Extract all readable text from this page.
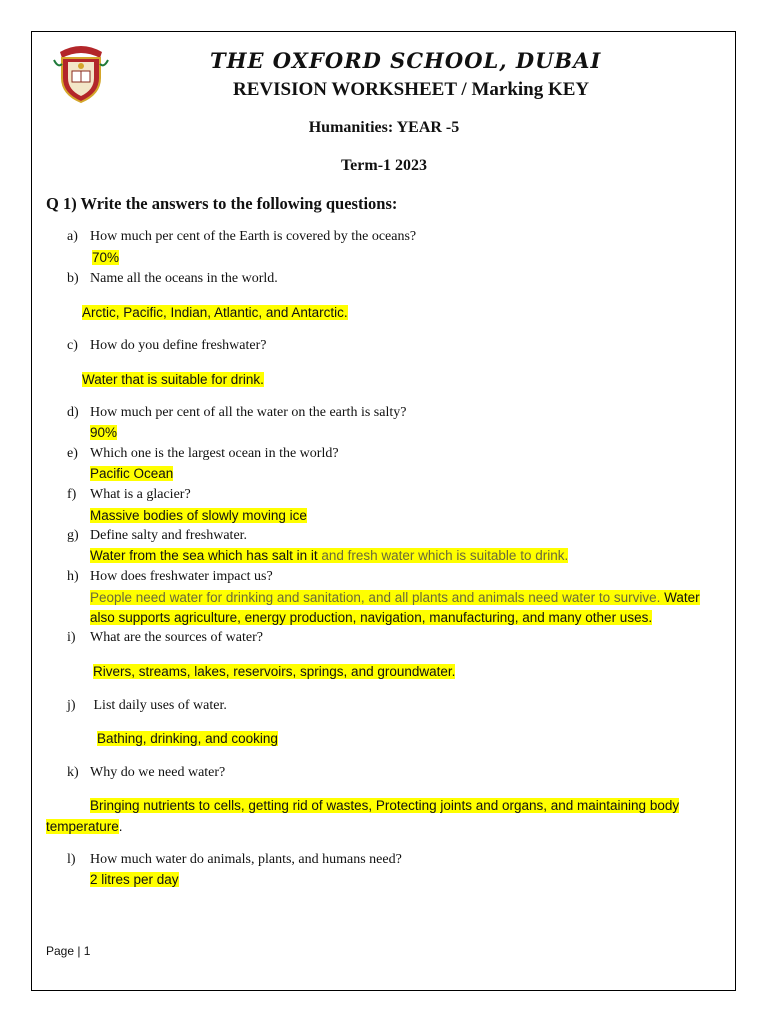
THE OXFORD SCHOOL, DUBAI
REVISION WORKSHEET / Marking KEY
Humanities: YEAR -5
Term-1 2023
Q 1) Write the answers to the following questions:
a) How much per cent of the Earth is covered by the oceans?
70%
b) Name all the oceans in the world.
Arctic, Pacific, Indian, Atlantic, and Antarctic.
c) How do you define freshwater?
Water that is suitable for drink.
d) How much per cent of all the water on the earth is salty?
90%
e) Which one is the largest ocean in the world?
Pacific Ocean
f) What is a glacier?
Massive bodies of slowly moving ice
g) Define salty and freshwater.
Water from the sea which has salt in it and fresh water which is suitable to drink.
h) How does freshwater impact us?
People need water for drinking and sanitation, and all plants and animals need water to survive. Water
also supports agriculture, energy production, navigation, manufacturing, and many other uses.
i) What are the sources of water?
Rivers, streams, lakes, reservoirs, springs, and groundwater.
j) List daily uses of water.
Bathing, drinking, and cooking
k) Why do we need water?
Bringing nutrients to cells, getting rid of wastes, Protecting joints and organs, and maintaining body
temperature.
l) How much water do animals, plants, and humans need?
2 litres per day
Page | 1
